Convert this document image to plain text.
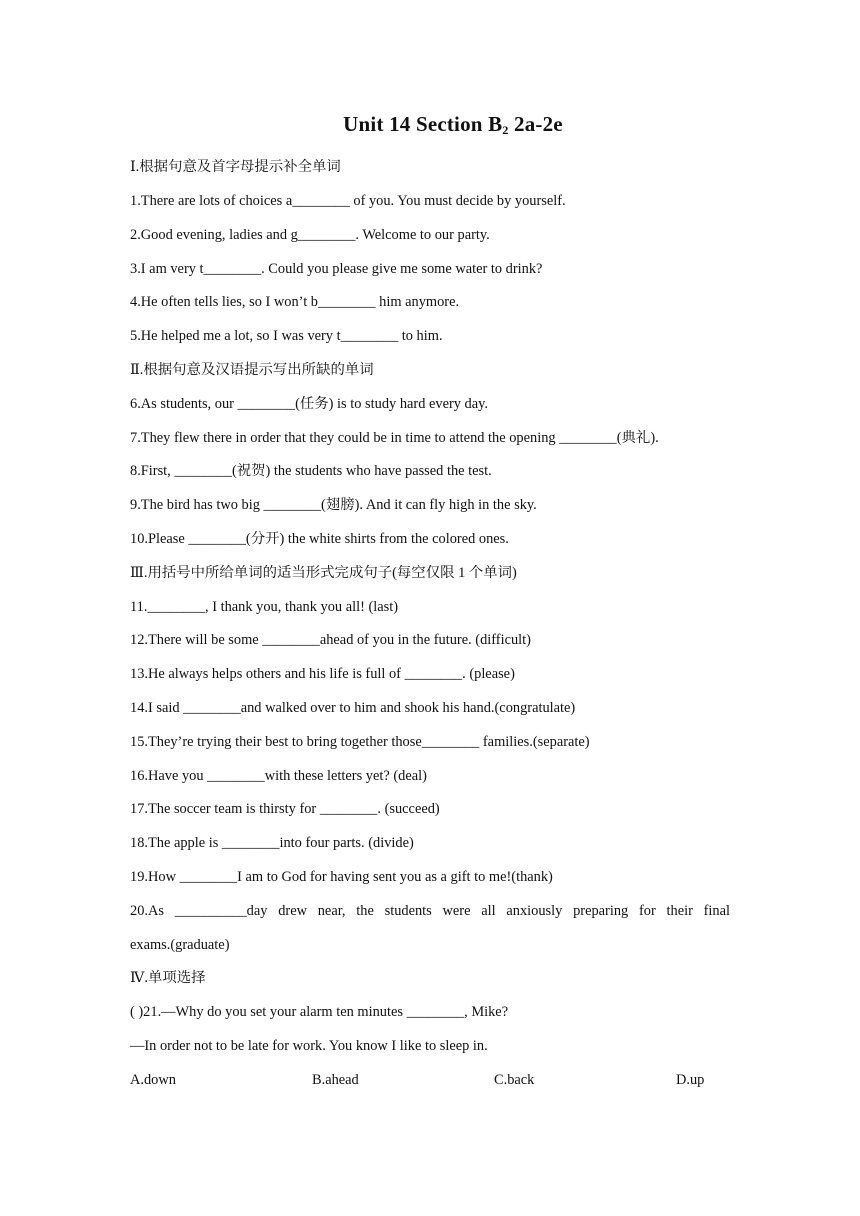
Unit 14 Section $B_2$ 2a-2e
Ⅰ.根据句意及首字母提示补全单词
1.There are lots of choices a________ of you. You must decide by yourself.
2.Good evening, ladies and g________. Welcome to our party.
3.I am very t________. Could you please give me some water to drink?
4.He often tells lies, so I won’t b________ him anymore.
5.He helped me a lot, so I was very t________ to him.
Ⅱ.根据句意及汉语提示写出所缺的单词
6.As students, our ________(任务) is to study hard every day.
7.They flew there in order that they could be in time to attend the opening ________(典礼).
8.First, ________(祝贺) the students who have passed the test.
9.The bird has two big ________(翅膀). And it can fly high in the sky.
10.Please ________(分开) the white shirts from the colored ones.
Ⅲ.用括号中所给单词的适当形式完成句子(每空仅限 1 个单词)
11.________, I thank you, thank you all! (last)
12.There will be some ________ahead of you in the future. (difficult)
13.He always helps others and his life is full of ________. (please)
14.I said ________and walked over to him and shook his hand.(congratulate)
15.They’re trying their best to bring together those________ families.(separate)
16.Have you ________with these letters yet? (deal)
17.The soccer team is thirsty for ________. (succeed)
18.The apple is ________into four parts. (divide)
19.How ________I am to God for having sent you as a gift to me!(thank)
20.As __________day drew near, the students were all anxiously preparing for their final
exams.(graduate)
Ⅳ.单项选择
( )21.—Why do you set your alarm ten minutes ________, Mike?
—In order not to be late for work. You know I like to sleep in.
A.down	B.ahead	C.back	D.up
